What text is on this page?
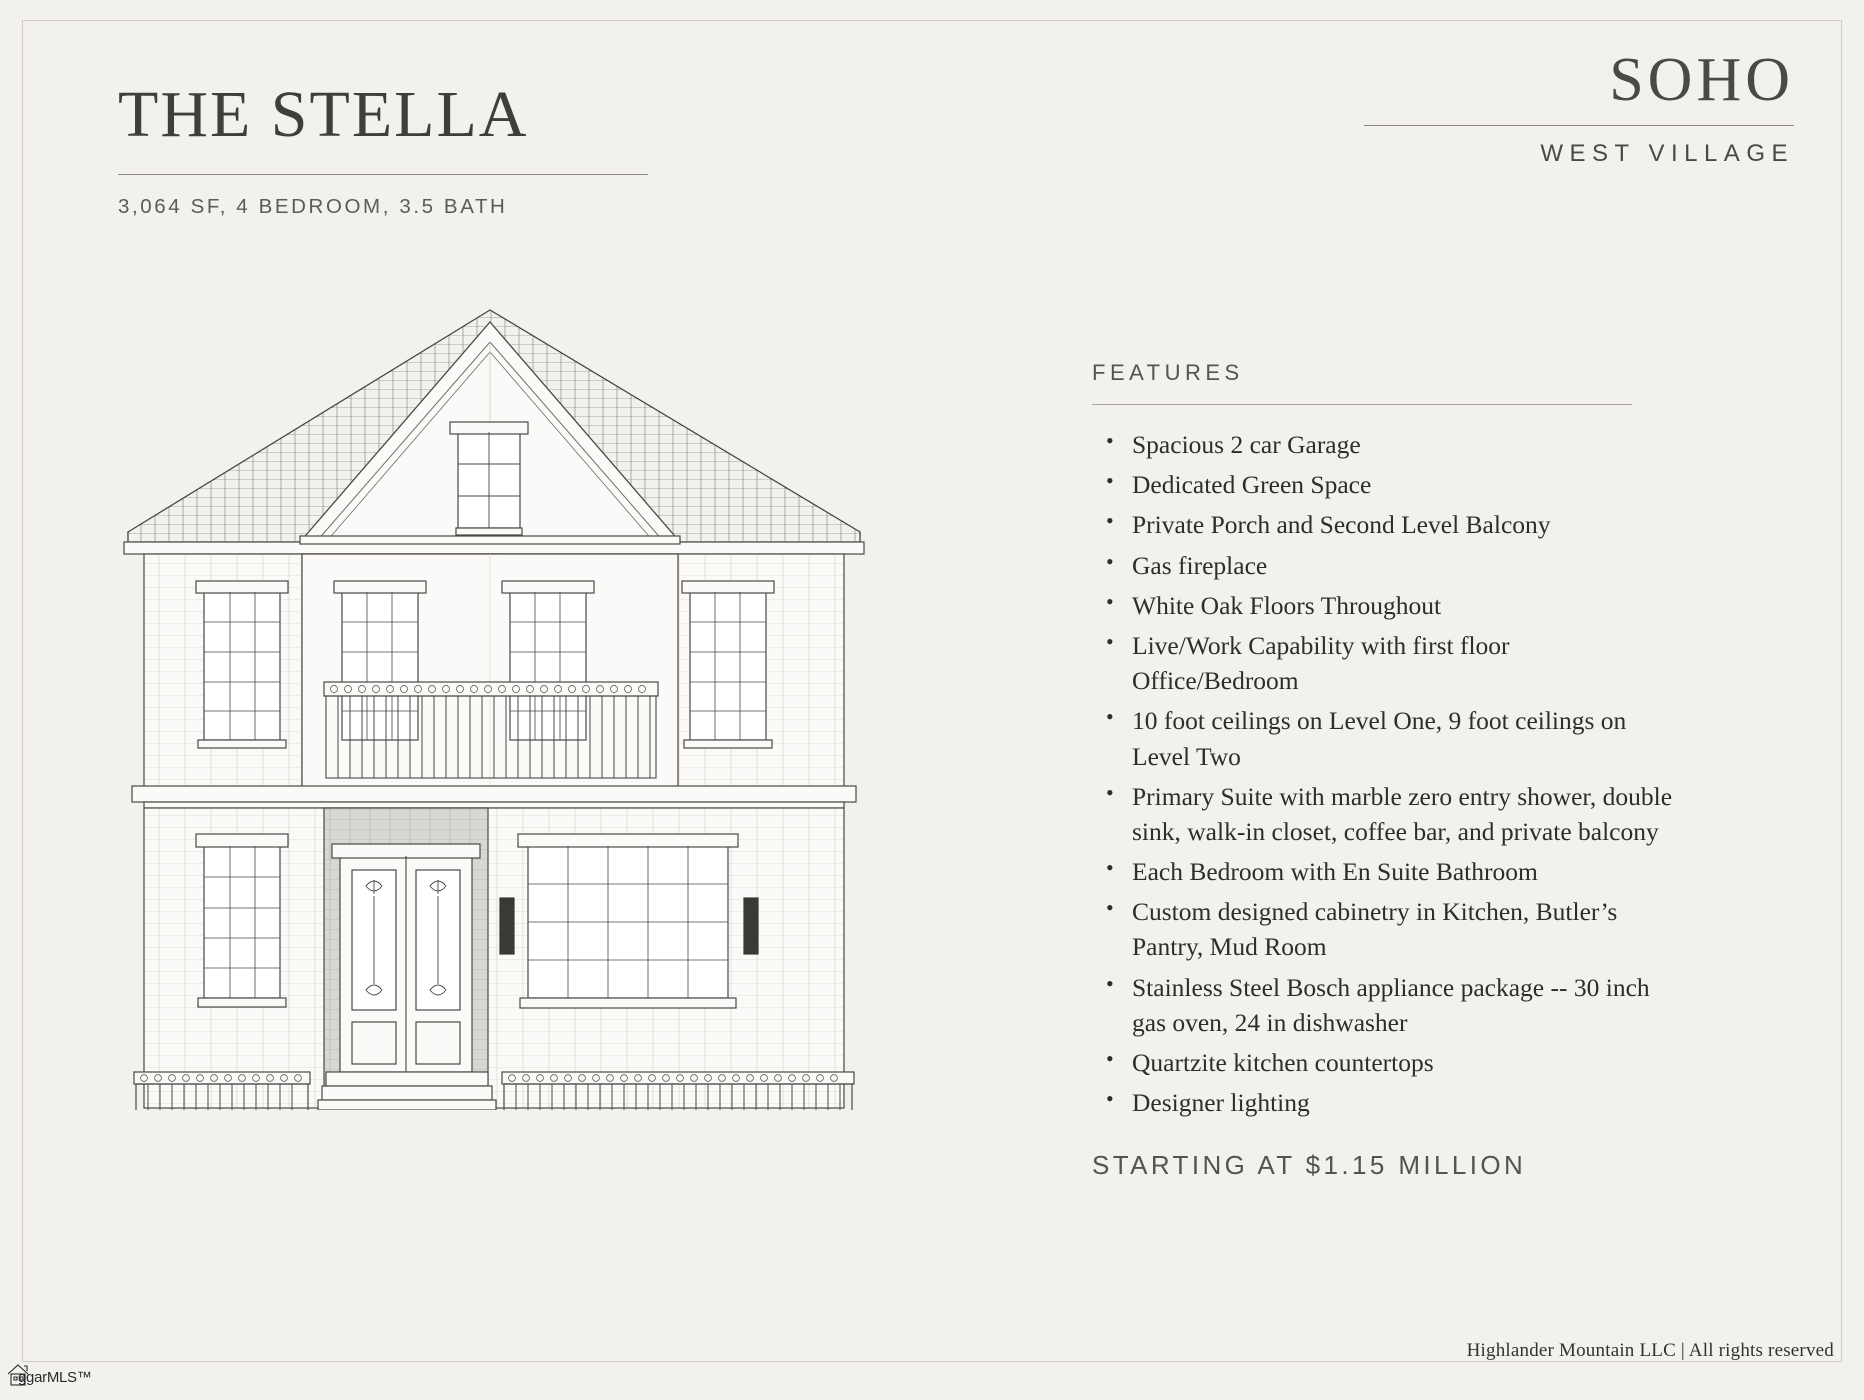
THE STELLA
3,064 SF, 4 BEDROOM, 3.5 BATH
SOHO
WEST VILLAGE
FEATURES
• Spacious 2 car Garage
• Dedicated Green Space
• Private Porch and Second Level Balcony
• Gas fireplace
• White Oak Floors Throughout
• Live/Work Capability with first floor Office/Bedroom
• 10 foot ceilings on Level One, 9 foot ceilings on Level Two
• Primary Suite with marble zero entry shower, double sink, walk-in closet, coffee bar, and private balcony
• Each Bedroom with En Suite Bathroom
• Custom designed cabinetry in Kitchen, Butler’s Pantry, Mud Room
• Stainless Steel Bosch appliance package -- 30 inch gas oven, 24 in dishwasher
• Quartzite kitchen countertops
• Designer lighting
STARTING AT $1.15 MILLION
Highlander Mountain LLC | All rights reserved
ggarMLS™
